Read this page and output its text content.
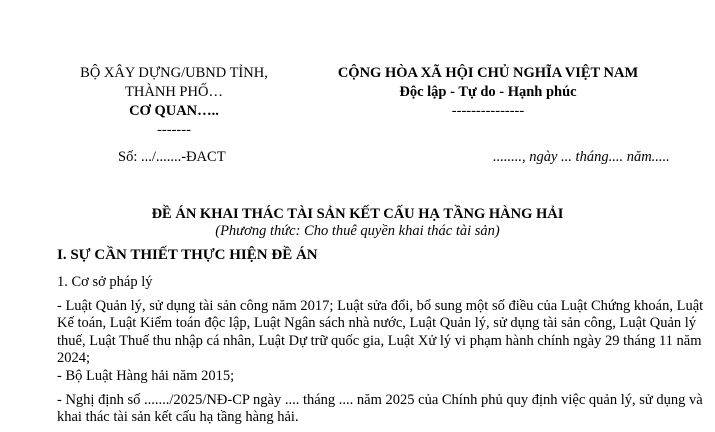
BỘ XÂY DỰNG/UBND TỈNH,
THÀNH PHỐ…
CƠ QUAN…..
-------
CỘNG HÒA XÃ HỘI CHỦ NGHĨA VIỆT NAM
Độc lập - Tự do - Hạnh phúc
---------------
Số: .../.......-ĐACT	........, ngày ... tháng.... năm.....
ĐỀ ÁN KHAI THÁC TÀI SẢN KẾT CẤU HẠ TẦNG HÀNG HẢI
(Phương thức: Cho thuê quyền khai thác tài sản)
I. SỰ CẦN THIẾT THỰC HIỆN ĐỀ ÁN
1. Cơ sở pháp lý
- Luật Quản lý, sử dụng tài sản công năm 2017; Luật sửa đổi, bổ sung một số điều của Luật Chứng khoán, Luật Kế toán, Luật Kiểm toán độc lập, Luật Ngân sách nhà nước, Luật Quản lý, sử dụng tài sản công, Luật Quản lý thuế, Luật Thuế thu nhập cá nhân, Luật Dự trữ quốc gia, Luật Xử lý vi phạm hành chính ngày 29 tháng 11 năm 2024;
- Bộ Luật Hàng hải năm 2015;
- Nghị định số ......./2025/NĐ-CP ngày .... tháng .... năm 2025 của Chính phủ quy định việc quản lý, sử dụng và khai thác tài sản kết cấu hạ tầng hàng hải.
